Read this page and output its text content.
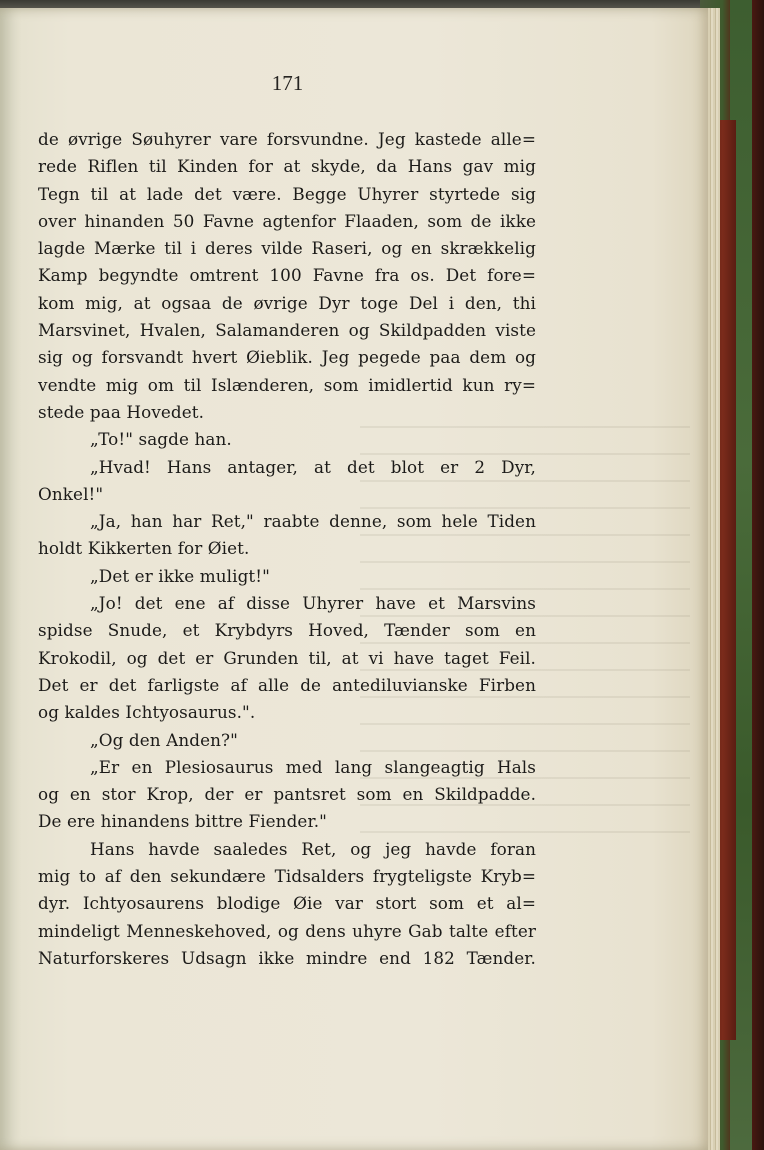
171
de øvrige Søuhyrer vare forsvundne. Jeg kastede alle=
rede Riflen til Kinden for at skyde, da Hans gav mig
Tegn til at lade det være. Begge Uhyrer styrtede sig
over hinanden 50 Favne agtenfor Flaaden, som de ikke
lagde Mærke til i deres vilde Raseri, og en skrækkelig
Kamp begyndte omtrent 100 Favne fra os. Det fore=
kom mig, at ogsaa de øvrige Dyr toge Del i den, thi
Marsvinet, Hvalen, Salamanderen og Skildpadden viste
sig og forsvandt hvert Øieblik. Jeg pegede paa dem og
vendte mig om til Islænderen, som imidlertid kun ry=
stede paa Hovedet.
„To!" sagde han.
„Hvad! Hans antager, at det blot er 2 Dyr,
Onkel!"
„Ja, han har Ret," raabte denne, som hele Tiden
holdt Kikkerten for Øiet.
„Det er ikke muligt!"
„Jo! det ene af disse Uhyrer have et Marsvins
spidse Snude, et Krybdyrs Hoved, Tænder som en
Krokodil, og det er Grunden til, at vi have taget Feil.
Det er det farligste af alle de antediluvianske Firben
og kaldes Ichtyosaurus.".
„Og den Anden?"
„Er en Plesiosaurus med lang slangeagtig Hals
og en stor Krop, der er pantsret som en Skildpadde.
De ere hinandens bittre Fiender."
Hans havde saaledes Ret, og jeg havde foran
mig to af den sekundære Tidsalders frygteligste Kryb=
dyr. Ichtyosaurens blodige Øie var stort som et al=
mindeligt Menneskehoved, og dens uhyre Gab talte efter
Naturforskeres Udsagn ikke mindre end 182 Tænder.
